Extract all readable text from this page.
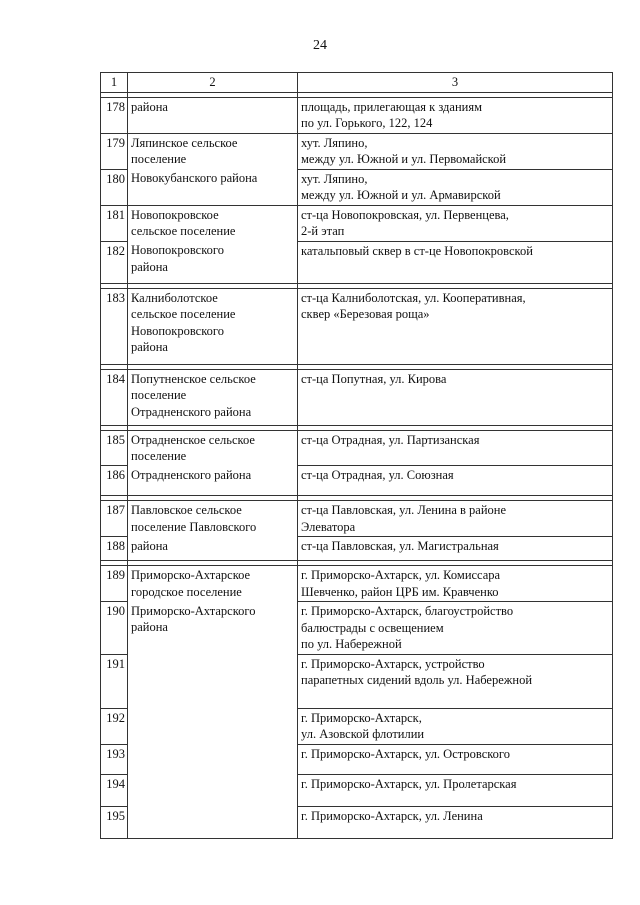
24
1	2	3

178	района	площадь, прилегающая к зданиям
по ул. Горького, 122, 124
179	Ляпинское сельское
поселение	хут. Ляпино,
между ул. Южной и ул. Первомайской
180	Новокубанского района	хут. Ляпино,
между ул. Южной и ул. Армавирской
181	Новопокровское
сельское поселение	ст-ца Новопокровская, ул. Первенцева,
2-й этап
182	Новопокровского
района	катальповый сквер в ст-це Новопокровской

183	Калниболотское
сельское поселение
Новопокровского
района	ст-ца Калниболотская, ул. Кооперативная,
сквер «Березовая роща»

184	Попутненское сельское
поселение
Отрадненского района	ст-ца Попутная, ул. Кирова

185	Отрадненское сельское
поселение	ст-ца Отрадная, ул. Партизанская
186	Отрадненского района	ст-ца Отрадная, ул. Союзная

187	Павловское сельское
поселение Павловского	ст-ца Павловская, ул. Ленина в районе
Элеватора
188	района	ст-ца Павловская, ул. Магистральная

189	Приморско-Ахтарское
городское поселение	г. Приморско-Ахтарск, ул. Комиссара
Шевченко, район ЦРБ им. Кравченко
190	Приморско-Ахтарского
района	г. Приморско-Ахтарск, благоустройство
балюстрады с освещением
по ул. Набережной
191		г. Приморско-Ахтарск, устройство
парапетных сидений вдоль ул. Набережной
192		г. Приморско-Ахтарск,
ул. Азовской флотилии
193		г. Приморско-Ахтарск, ул. Островского
194		г. Приморско-Ахтарск, ул. Пролетарская
195		г. Приморско-Ахтарск, ул. Ленина
